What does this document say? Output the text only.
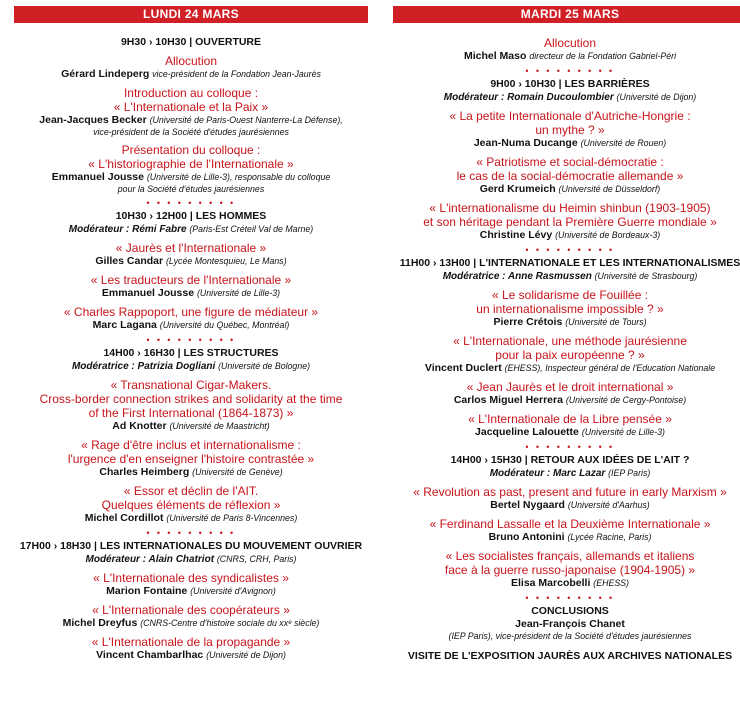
LUNDI 24 MARS
9H30 › 10H30 | OUVERTURE
Allocution
Gérard Lindeperg vice-président de la Fondation Jean-Jaurès
Introduction au colloque :
« L'Internationale et la Paix »
Jean-Jacques Becker (Université de Paris-Ouest Nanterre-La Défense),
vice-président de la Société d'études jaurésiennes
Présentation du colloque :
« L'historiographie de l'Internationale »
Emmanuel Jousse (Université de Lille-3), responsable du colloque
pour la Société d'études jaurésiennes
• • • • • • • • •
10H30 › 12H00 | LES HOMMES
Modérateur : Rémi Fabre (Paris-Est Créteil Val de Marne)
« Jaurès et l'Internationale »
Gilles Candar (Lycée Montesquieu, Le Mans)
« Les traducteurs de l'Internationale »
Emmanuel Jousse (Université de Lille-3)
« Charles Rappoport, une figure de médiateur »
Marc Lagana (Université du Québec, Montréal)
• • • • • • • • •
14H00 › 16H30 | LES STRUCTURES
Modératrice : Patrizia Dogliani (Université de Bologne)
« Transnational Cigar-Makers.
Cross-border connection strikes and solidarity at the time
of the First International (1864-1873) »
Ad Knotter (Université de Maastricht)
« Rage d'être inclus et internationalisme :
l'urgence d'en enseigner l'histoire contrastée »
Charles Heimberg (Université de Genève)
« Essor et déclin de l'AIT.
Quelques éléments de réflexion »
Michel Cordillot (Université de Paris 8-Vincennes)
• • • • • • • • •
17H00 › 18H30 | LES INTERNATIONALES DU MOUVEMENT OUVRIER
Modérateur : Alain Chatriot (CNRS, CRH, Paris)
« L'Internationale des syndicalistes »
Marion Fontaine (Université d'Avignon)
« L'Internationale des coopérateurs »
Michel Dreyfus (CNRS-Centre d'histoire sociale du xxᵉ siècle)
« L'Internationale de la propagande »
Vincent Chambarlhac (Université de Dijon)
MARDI 25 MARS
Allocution
Michel Maso directeur de la Fondation Gabriel-Péri
• • • • • • • • •
9H00 › 10H30 | LES BARRIÈRES
Modérateur : Romain Ducoulombier (Université de Dijon)
« La petite Internationale d'Autriche-Hongrie :
un mythe ? »
Jean-Numa Ducange (Université de Rouen)
« Patriotisme et social-démocratie :
le cas de la social-démocratie allemande »
Gerd Krumeich (Université de Düsseldorf)
« L'internationalisme du Heimin shinbun (1903-1905)
et son héritage pendant la Première Guerre mondiale »
Christine Lévy (Université de Bordeaux-3)
• • • • • • • • •
11H00 › 13H00 | L'INTERNATIONALE ET LES INTERNATIONALISMES
Modératrice : Anne Rasmussen (Université de Strasbourg)
« Le solidarisme de Fouillée :
un internationalisme impossible ? »
Pierre Crétois (Université de Tours)
« L'Internationale, une méthode jaurésienne
pour la paix européenne ? »
Vincent Duclert (EHESS), Inspecteur général de l'Education Nationale
« Jean Jaurès et le droit international »
Carlos Miguel Herrera (Université de Cergy-Pontoise)
« L'Internationale de la Libre pensée »
Jacqueline Lalouette (Université de Lille-3)
• • • • • • • • •
14H00 › 15H30 | RETOUR AUX IDÉES DE L'AIT ?
Modérateur : Marc Lazar (IEP Paris)
« Revolution as past, present and future in early Marxism »
Bertel Nygaard (Université d'Aarhus)
« Ferdinand Lassalle et la Deuxième Internationale »
Bruno Antonini (Lycée Racine, Paris)
« Les socialistes français, allemands et italiens
face à la guerre russo-japonaise (1904-1905) »
Elisa Marcobelli (EHESS)
• • • • • • • • •
CONCLUSIONS
Jean-François Chanet
(IEP Paris), vice-président de la Société d'études jaurésiennes
VISITE DE L'EXPOSITION JAURÈS AUX ARCHIVES NATIONALES
